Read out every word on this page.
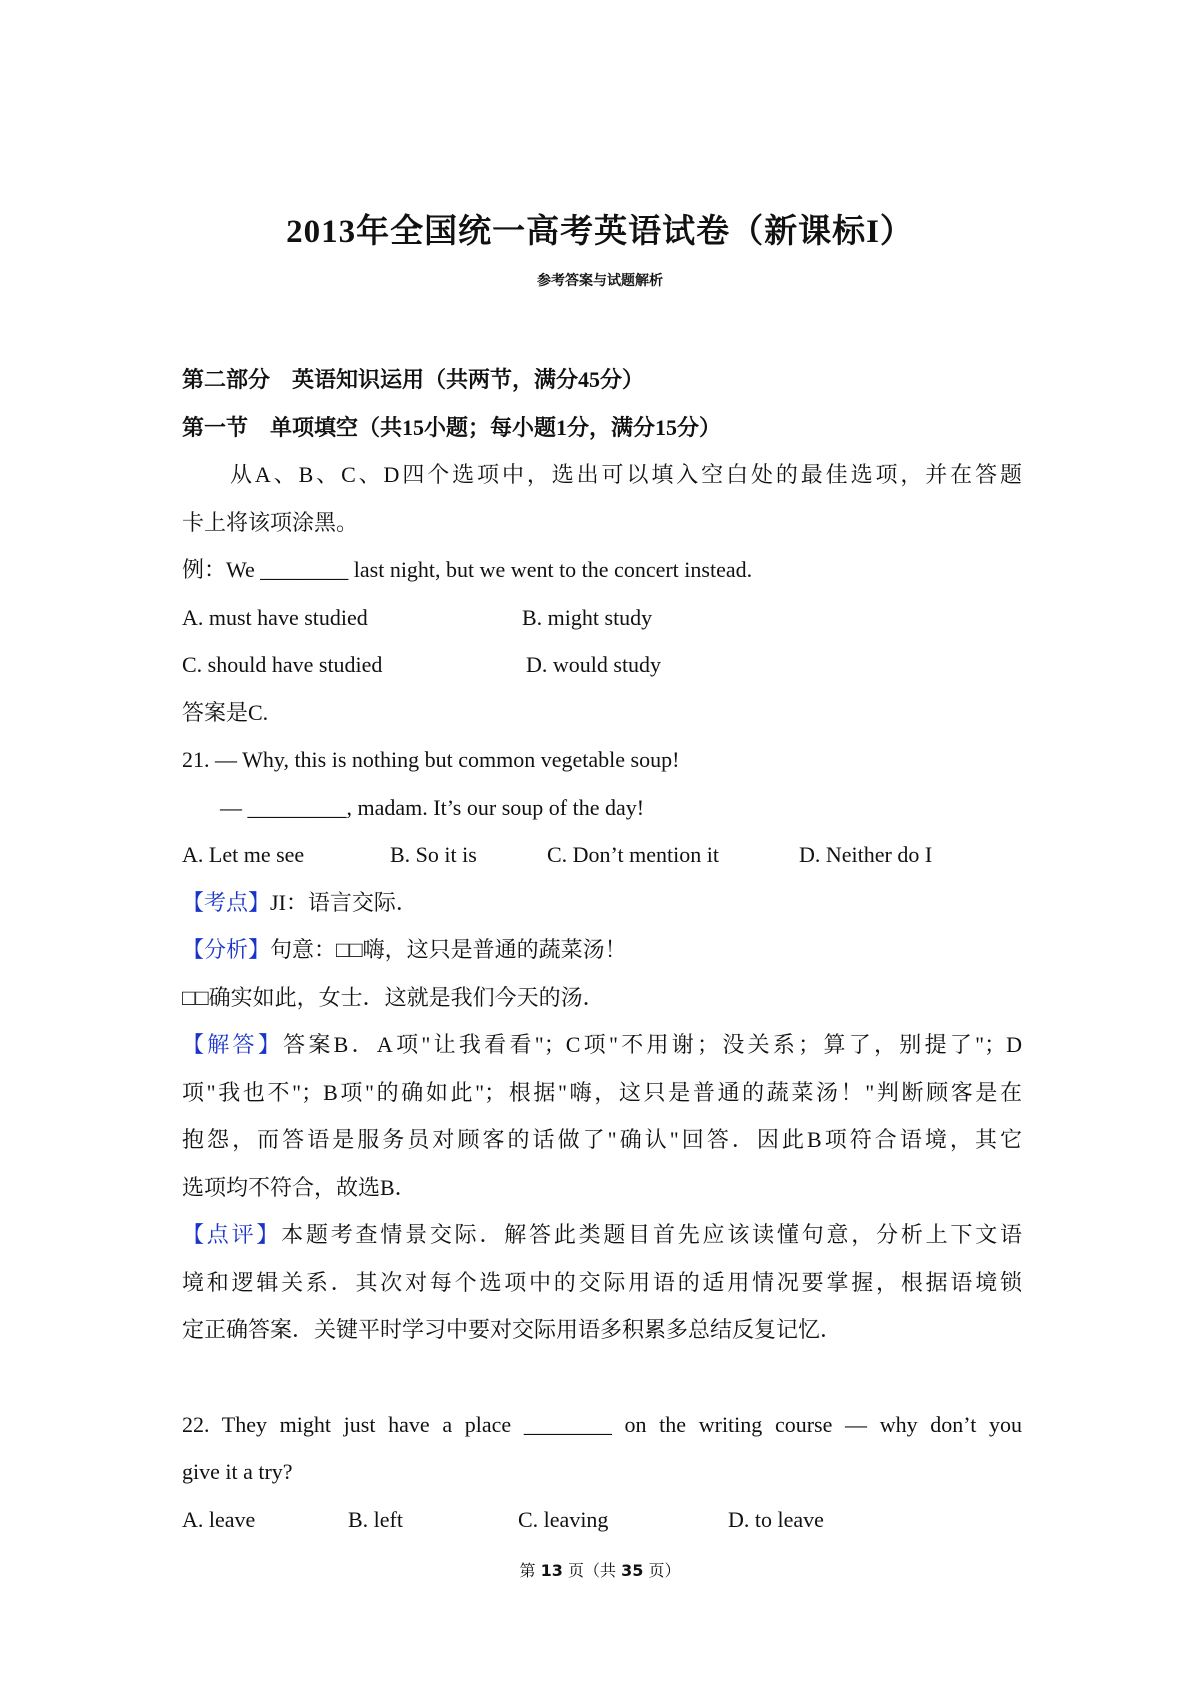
2013年全国统一高考英语试卷（新课标I）
参考答案与试题解析
第二部分　英语知识运用（共两节，满分45分）
第一节　单项填空（共15小题；每小题1分，满分15分）
从A、B、C、D四个选项中，选出可以填入空白处的最佳选项，并在答题
卡上将该项涂黑。
例：We ________ last night, but we went to the concert instead.
A. must have studied	B. might study
C. should have studied	D. would study
答案是C.
21. — Why, this is nothing but common vegetable soup!
— _________, madam. It’s our soup of the day!
A. Let me see	B. So it is	C. Don’t mention it	D. Neither do I
【考点】JI：语言交际．
【分析】句意：□□嗨，这只是普通的蔬菜汤！
□□确实如此，女士．这就是我们今天的汤．
【解答】答案B．A项"让我看看"；C项"不用谢；没关系；算了，别提了"；D
项"我也不"；B项"的确如此"；根据"嗨，这只是普通的蔬菜汤！"判断顾客是在
抱怨，而答语是服务员对顾客的话做了"确认"回答．因此B项符合语境，其它
选项均不符合，故选B．
【点评】本题考查情景交际．解答此类题目首先应该读懂句意，分析上下文语
境和逻辑关系．其次对每个选项中的交际用语的适用情况要掌握，根据语境锁
定正确答案．关键平时学习中要对交际用语多积累多总结反复记忆．
22. They might just have a place ________ on the writing course — why don’t you
give it a try?
A. leave	B. left	C. leaving	D. to leave
第 13 页（共 35 页）
